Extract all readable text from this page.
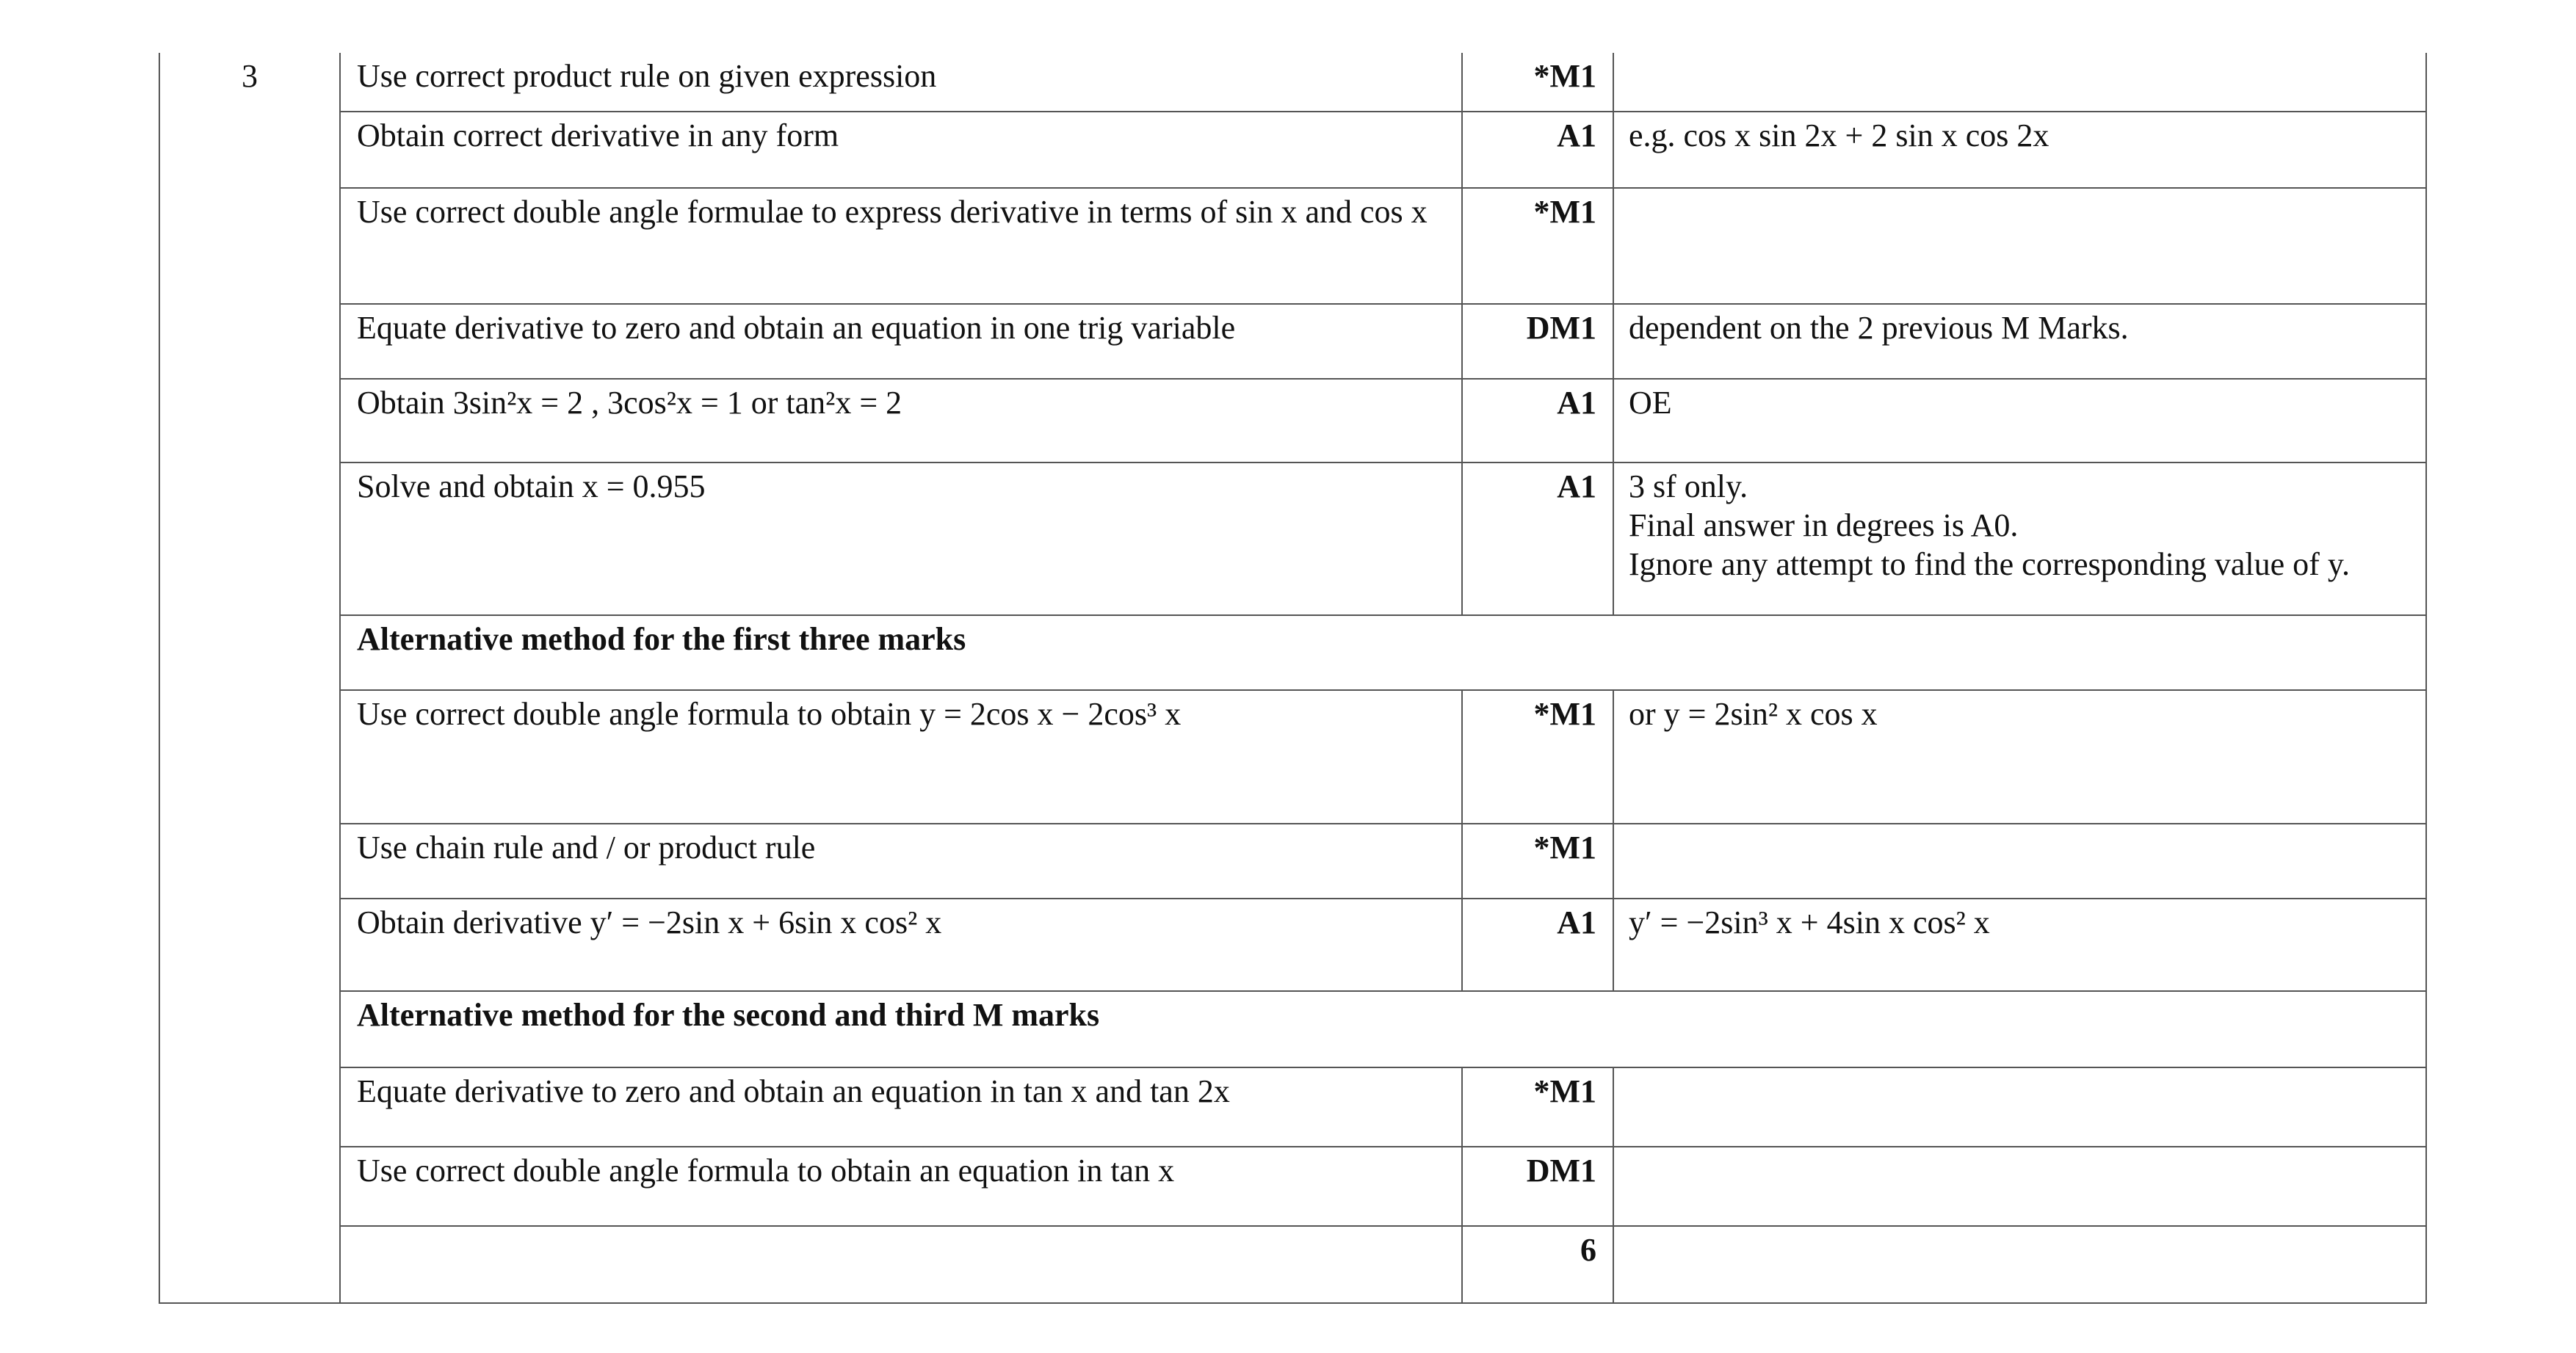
3	Use correct product rule on given expression	*M1	

	Obtain correct derivative in any form	A1	e.g. cos x sin 2x + 2 sin x cos 2x

	Use correct double angle formulae to express derivative in terms of sin x and cos x	*M1	

	Equate derivative to zero and obtain an equation in one trig variable	DM1	dependent on the 2 previous M Marks.

	Obtain 3sin²x = 2 , 3cos²x = 1 or tan²x = 2	A1	OE

	Solve and obtain x = 0.955	A1	3 sf only.
Final answer in degrees is A0.
Ignore any attempt to find the corresponding value of y.

	Alternative method for the first three marks		

	Use correct double angle formula to obtain y = 2cos x − 2cos³ x	*M1	or y = 2sin² x cos x

	Use chain rule and / or product rule	*M1	

	Obtain derivative y′ = −2sin x + 6sin x cos² x	A1	y′ = −2sin³ x + 4sin x cos² x

	Alternative method for the second and third M marks		

	Equate derivative to zero and obtain an equation in tan x and tan 2x	*M1	

	Use correct double angle formula to obtain an equation in tan x	DM1	

		6	
